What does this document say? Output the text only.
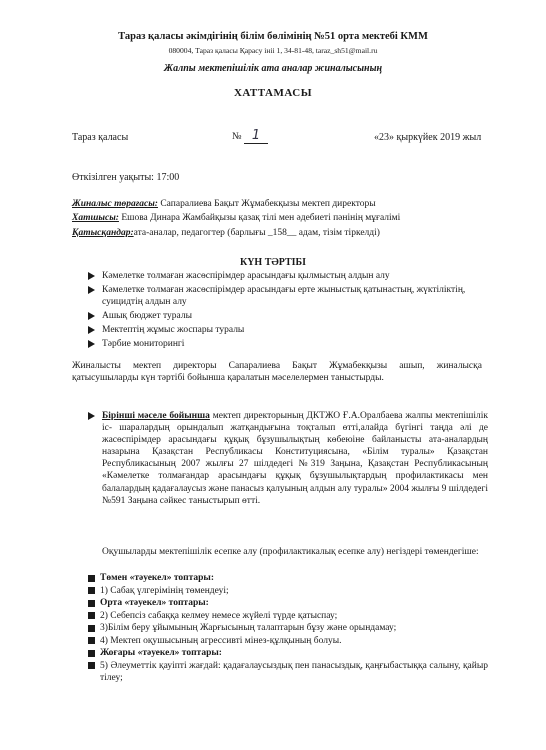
Тараз қаласы әкімдігінің білім бөлімінің №51 орта мектебі КММ
080004, Тараз қаласы Қарасу ініі 1, 34-81-48, taraz_sh51@mail.ru
Жалпы мектепішілік ата аналар жиналысының
ХАТТАМАСЫ
Тараз қаласы	№ 1	«23» қыркүйек 2019 жыл
Өткізілген уақыты: 17:00
Жиналыс төрағасы: Сапаралиева Бақыт Жұмабекқызы мектеп директоры
Хатшысы: Ешова Динара Жамбайқызы қазақ тілі мен әдебиеті пәнінің мұғалімі
Қатысқандар:ата-аналар, педагогтер (барлығы _158__ адам, тізім тіркелді)
КҮН ТӘРТІБІ
Кәмелетке толмаған жасөспірімдер арасындағы қылмыстың алдын алу
Кәмелетке толмаған жасөспірімдер арасындағы ерте жыныстық қатынастың, жүктіліктің, суицидтің алдын алу
Ашық бюджет туралы
Мектептің жұмыс жоспары туралы
Тәрбие мониторингі
Жиналысты мектеп директоры Сапаралиева Бақыт Жұмабекқызы ашып, жиналысқа қатысушыларды күн тәртібі бойынша қаралатын мәселелермен таныстырды.
Бірінші мәселе бойынша мектеп директорының ДКТЖО Ғ.А.Оралбаева жалпы мектепішілік іс- шаралардың орындалып жатқандығына тоқталып өтті,алайда бүгінгі таңда әлі де жасөспірімдер арасындағы құқық бұзушылықтың көбеюіне байланысты ата-аналардың назарына Қазақстан Республикасы Конституциясына, «Білім туралы» Қазақстан Республикасының 2007 жылғы 27 шілдедегі №319 Заңына, Қазақстан Республикасының «Кәмелетке толмағандар арасындағы құқық бұзушылықтардың профилактикасы мен балалардың қадағалаусыз және панасыз қалуының алдын алу туралы» 2004 жылғы 9 шілдедегі №591 Заңына сәйкес таныстырып өтті.
Оқушыларды мектепішілік есепке алу (профилактикалық есепке алу) негіздері төмендегіше:
Төмен «тәуекел» топтары:
1) Сабақ үлгерімінің төмендеуі;
Орта «тәуекел» топтары:
2) Себепсіз сабаққа келмеу немесе жүйелі түрде қатыспау;
3)Білім беру ұйымының Жарғысының талаптарын бұзу және орындамау;
4) Мектеп оқушысының агрессивті мінез-құлқының болуы.
Жоғары «тәуекел» топтары:
5) Әлеуметтік қауіпті жағдай: қадағалаусыздық пен панасыздық, қаңғыбастыққа салыну, қайыр тілеу;
